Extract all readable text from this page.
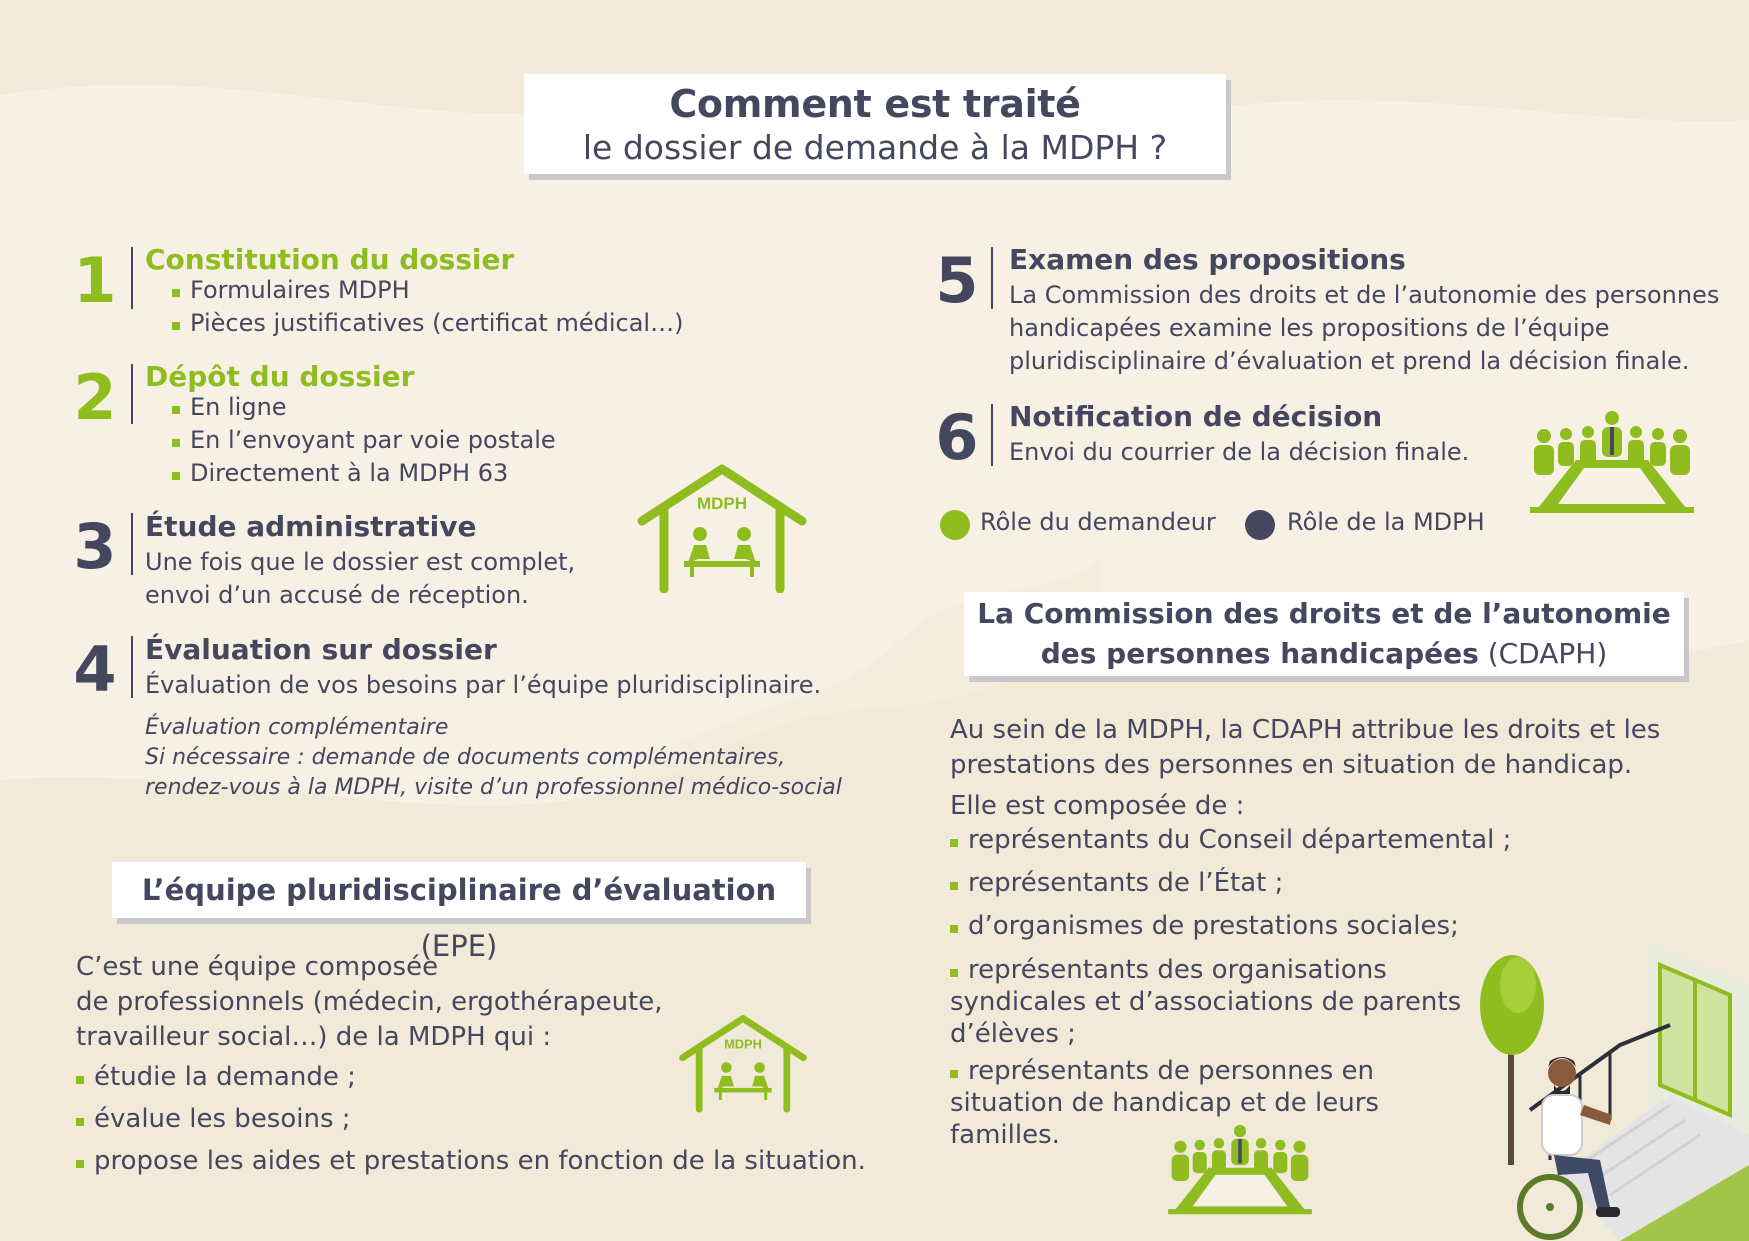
Comment est traité
le dossier de demande à la MDPH ?
1	Constitution du dossier
Formulaires MDPH
Pièces justificatives (certificat médical…)
2	Dépôt du dossier
En ligne
En l’envoyant par voie postale
Directement à la MDPH 63
3	Étude administrative
Une fois que le dossier est complet,
envoi d’un accusé de réception.
MDPH
4	Évaluation sur dossier
Évaluation de vos besoins par l’équipe pluridisciplinaire.
Évaluation complémentaire
Si nécessaire : demande de documents complémentaires,
rendez-vous à la MDPH, visite d’un professionnel médico-social
5	Examen des propositions
La Commission des droits et de l’autonomie des personnes
handicapées examine les propositions de l’équipe
pluridisciplinaire d’évaluation et prend la décision finale.
6	Notification de décision
Envoi du courrier de la décision finale.
Rôle du demandeur	Rôle de la MDPH
L’équipe pluridisciplinaire d’évaluation (EPE)
C’est une équipe composée
de professionnels (médecin, ergothérapeute,
travailleur social…) de la MDPH qui :
étudie la demande ;
évalue les besoins ;
propose les aides et prestations en fonction de la situation.
MDPH
La Commission des droits et de l’autonomie
des personnes handicapées (CDAPH)
Au sein de la MDPH, la CDAPH attribue les droits et les
prestations des personnes en situation de handicap.
Elle est composée de :
représentants du Conseil départemental ;
représentants de l’État ;
d’organismes de prestations sociales;
représentants des organisations syndicales et d’associations de parents d’élèves ;
représentants de personnes en situation de handicap et de leurs familles.
